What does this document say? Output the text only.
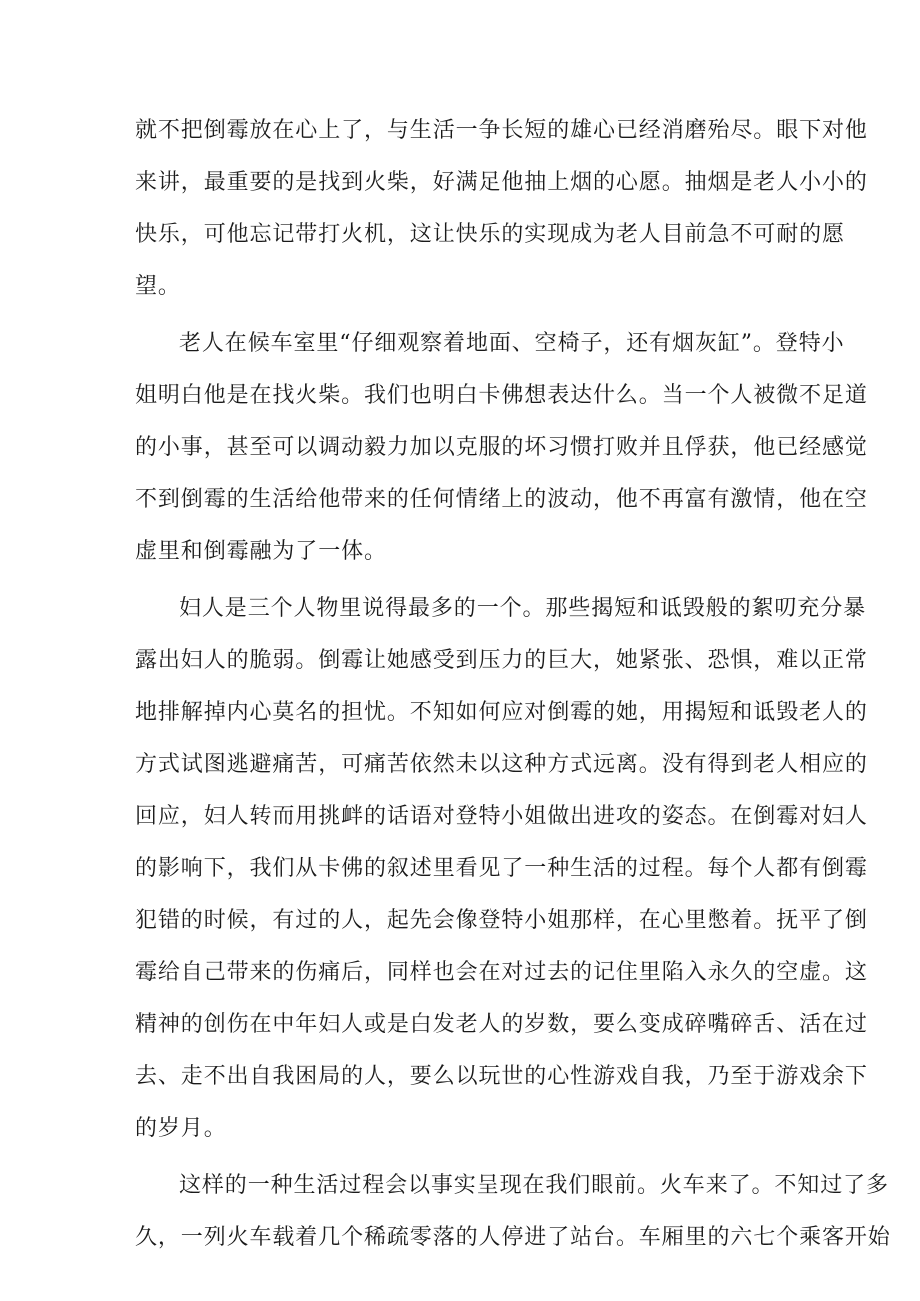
就不把倒霉放在心上了，与生活一争长短的雄心已经消磨殆尽。眼下对他
来讲，最重要的是找到火柴，好满足他抽上烟的心愿。抽烟是老人小小的
快乐，可他忘记带打火机，这让快乐的实现成为老人目前急不可耐的愿
望。
老人在候车室里“仔细观察着地面、空椅子，还有烟灰缸”。登特小
姐明白他是在找火柴。我们也明白卡佛想表达什么。当一个人被微不足道
的小事，甚至可以调动毅力加以克服的坏习惯打败并且俘获，他已经感觉
不到倒霉的生活给他带来的任何情绪上的波动，他不再富有激情，他在空
虚里和倒霉融为了一体。
妇人是三个人物里说得最多的一个。那些揭短和诋毁般的絮叨充分暴
露出妇人的脆弱。倒霉让她感受到压力的巨大，她紧张、恐惧，难以正常
地排解掉内心莫名的担忧。不知如何应对倒霉的她，用揭短和诋毁老人的
方式试图逃避痛苦，可痛苦依然未以这种方式远离。没有得到老人相应的
回应，妇人转而用挑衅的话语对登特小姐做出进攻的姿态。在倒霉对妇人
的影响下，我们从卡佛的叙述里看见了一种生活的过程。每个人都有倒霉
犯错的时候，有过的人，起先会像登特小姐那样，在心里憋着。抚平了倒
霉给自己带来的伤痛后，同样也会在对过去的记住里陷入永久的空虚。这
精神的创伤在中年妇人或是白发老人的岁数，要么变成碎嘴碎舌、活在过
去、走不出自我困局的人，要么以玩世的心性游戏自我，乃至于游戏余下
的岁月。
这样的一种生活过程会以事实呈现在我们眼前。火车来了。不知过了多
久，一列火车载着几个稀疏零落的人停进了站台。车厢里的六七个乘客开始
